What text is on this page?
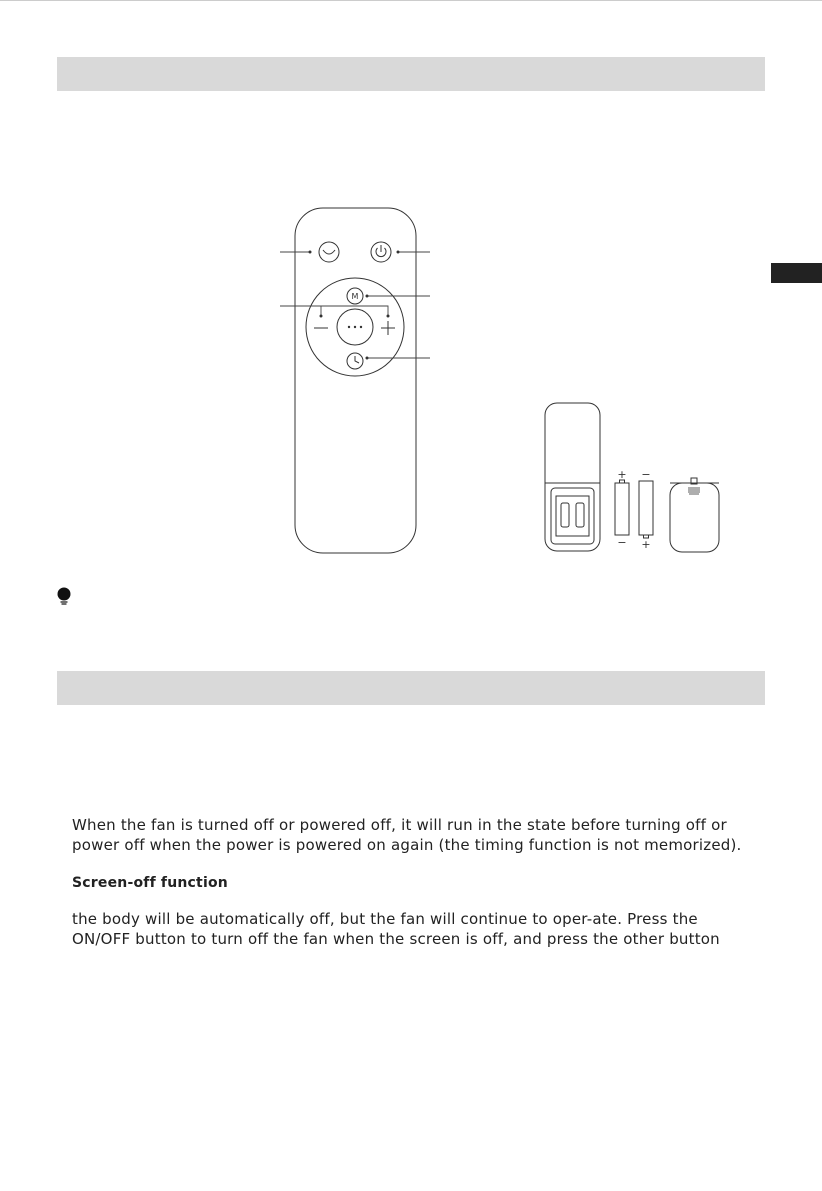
M
+ −
− +
When the fan is turned off or powered off, it will run in the state before turning off or
power off when the power is powered on again (the timing function is not memorized).
Screen-off function
the body will be automatically off, but the fan will continue to oper-ate. Press the
ON/OFF button to turn off the fan when the screen is off, and press the other button
